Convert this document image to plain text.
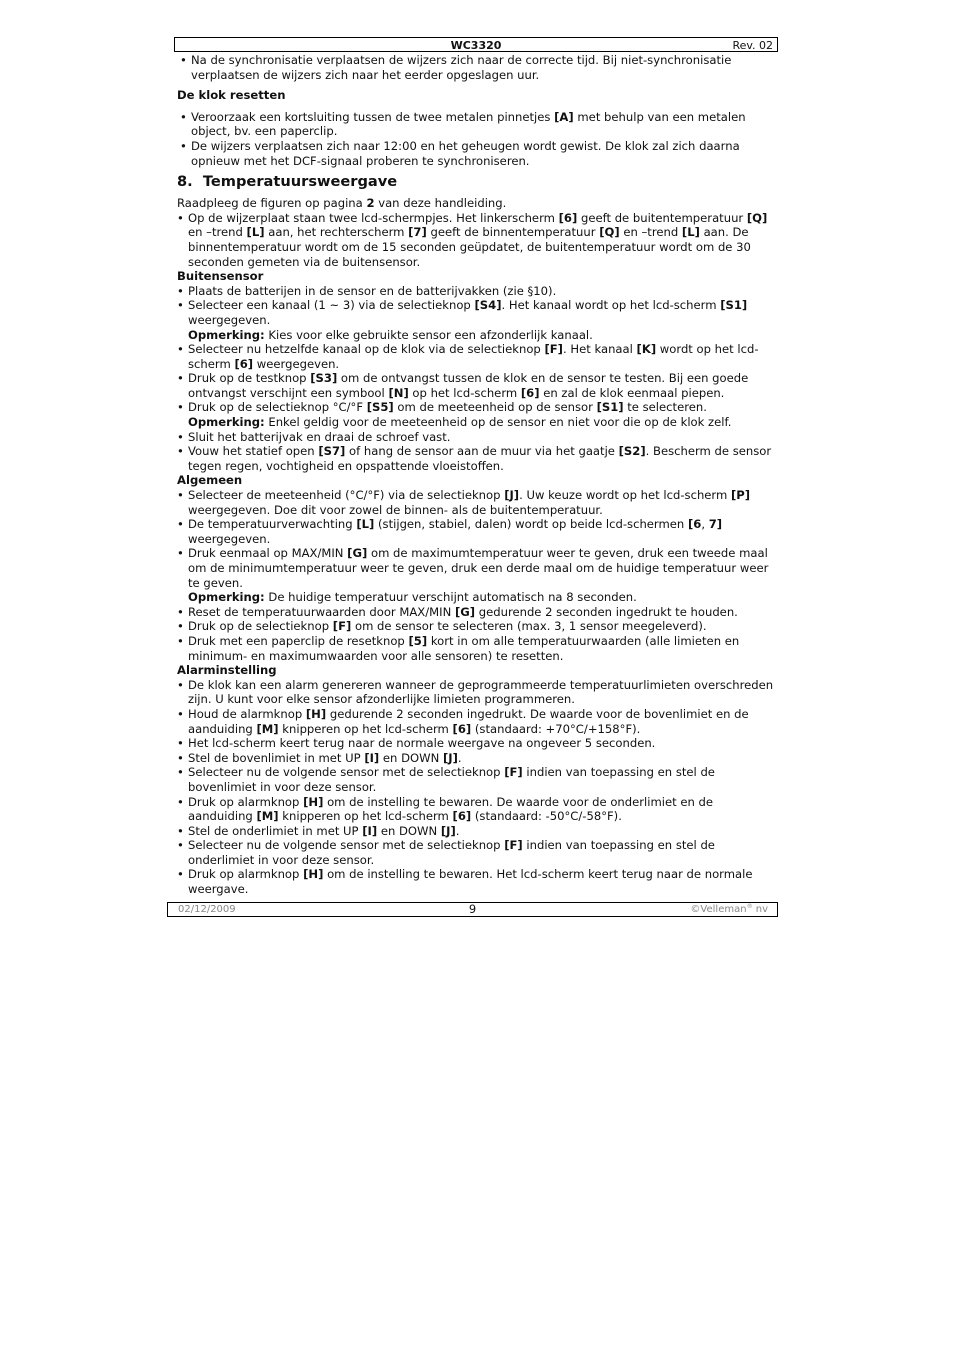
WC3320	Rev. 02

• Na de synchronisatie verplaatsen de wijzers zich naar de correcte tijd. Bij niet-synchronisatie verplaatsen de wijzers zich naar het eerder opgeslagen uur.

De klok resetten

• Veroorzaak een kortsluiting tussen de twee metalen pinnetjes [A] met behulp van een metalen object, bv. een paperclip.

• De wijzers verplaatsen zich naar 12:00 en het geheugen wordt gewist. De klok zal zich daarna opnieuw met het DCF-signaal proberen te synchroniseren.

8.  Temperatuursweergave

Raadpleeg de figuren op pagina 2 van deze handleiding.

• Op de wijzerplaat staan twee lcd-schermpjes. Het linkerscherm [6] geeft de buitentemperatuur [Q] en –trend [L] aan, het rechterscherm [7] geeft de binnentemperatuur [Q] en –trend [L] aan. De binnentemperatuur wordt om de 15 seconden geüpdatet, de buitentemperatuur wordt om de 30 seconden gemeten via de buitensensor.

Buitensensor

• Plaats de batterijen in de sensor en de batterijvakken (zie §10).

• Selecteer een kanaal (1 ~ 3) via de selectieknop [S4]. Het kanaal wordt op het lcd-scherm [S1] weergegeven.

Opmerking: Kies voor elke gebruikte sensor een afzonderlijk kanaal.

• Selecteer nu hetzelfde kanaal op de klok via de selectieknop [F]. Het kanaal [K] wordt op het lcd-scherm [6] weergegeven.

• Druk op de testknop [S3] om de ontvangst tussen de klok en de sensor te testen. Bij een goede ontvangst verschijnt een symbool [N] op het lcd-scherm [6] en zal de klok eenmaal piepen.

• Druk op de selectieknop °C/°F [S5] om de meeteenheid op de sensor [S1] te selecteren.

Opmerking: Enkel geldig voor de meeteenheid op de sensor en niet voor die op de klok zelf.

• Sluit het batterijvak en draai de schroef vast.

• Vouw het statief open [S7] of hang de sensor aan de muur via het gaatje [S2]. Bescherm de sensor tegen regen, vochtigheid en opspattende vloeistoffen.

Algemeen

• Selecteer de meeteenheid (°C/°F) via de selectieknop [J]. Uw keuze wordt op het lcd-scherm [P] weergegeven. Doe dit voor zowel de binnen- als de buitentemperatuur.

• De temperatuurverwachting [L] (stijgen, stabiel, dalen) wordt op beide lcd-schermen [6, 7] weergegeven.

• Druk eenmaal op MAX/MIN [G] om de maximumtemperatuur weer te geven, druk een tweede maal om de minimumtemperatuur weer te geven, druk een derde maal om de huidige temperatuur weer te geven.

Opmerking: De huidige temperatuur verschijnt automatisch na 8 seconden.

• Reset de temperatuurwaarden door MAX/MIN [G] gedurende 2 seconden ingedrukt te houden.

• Druk op de selectieknop [F] om de sensor te selecteren (max. 3, 1 sensor meegeleverd).

• Druk met een paperclip de resetknop [5] kort in om alle temperatuurwaarden (alle limieten en minimum- en maximumwaarden voor alle sensoren) te resetten.

Alarminstelling

• De klok kan een alarm genereren wanneer de geprogrammeerde temperatuurlimieten overschreden zijn. U kunt voor elke sensor afzonderlijke limieten programmeren.

• Houd de alarmknop [H] gedurende 2 seconden ingedrukt. De waarde voor de bovenlimiet en de aanduiding [M] knipperen op het lcd-scherm [6] (standaard: +70°C/+158°F).

• Het lcd-scherm keert terug naar de normale weergave na ongeveer 5 seconden.

• Stel de bovenlimiet in met UP [I] en DOWN [J].

• Selecteer nu de volgende sensor met de selectieknop [F] indien van toepassing en stel de bovenlimiet in voor deze sensor.

• Druk op alarmknop [H] om de instelling te bewaren. De waarde voor de onderlimiet en de aanduiding [M] knipperen op het lcd-scherm [6] (standaard: -50°C/-58°F).

• Stel de onderlimiet in met UP [I] en DOWN [J].

• Selecteer nu de volgende sensor met de selectieknop [F] indien van toepassing en stel de onderlimiet in voor deze sensor.

• Druk op alarmknop [H] om de instelling te bewaren. Het lcd-scherm keert terug naar de normale weergave.

02/12/2009	9	©Velleman® nv
